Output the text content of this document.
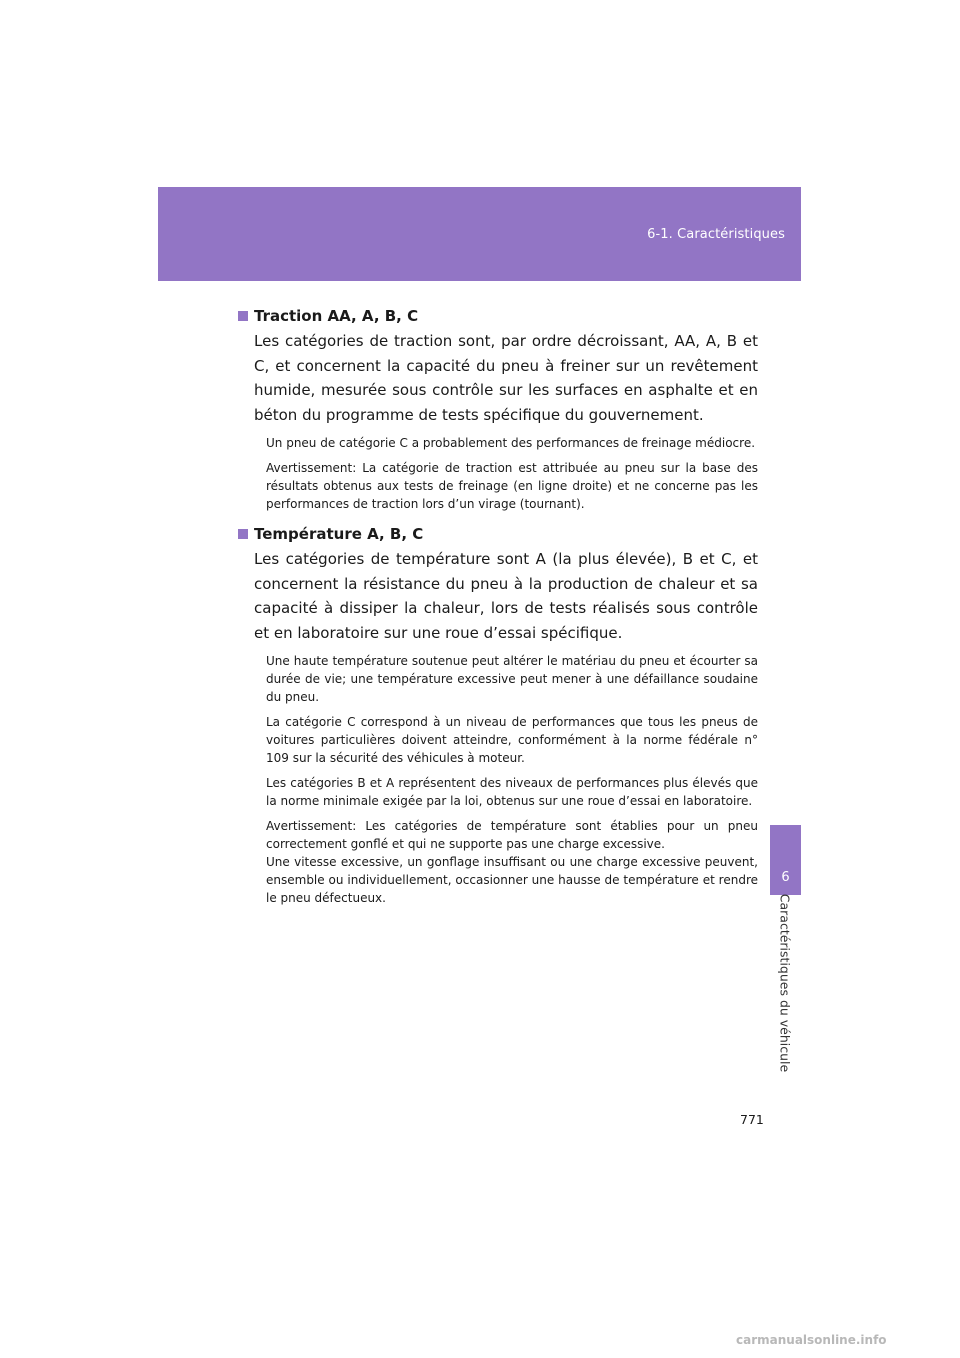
6-1. Caractéristiques
6
Caractéristiques du véhicule
Traction AA, A, B, C

Les catégories de traction sont, par ordre décroissant, AA, A, B et C, et concernent la capacité du pneu à freiner sur un revêtement humide, mesurée sous contrôle sur les surfaces en asphalte et en béton du programme de tests spécifique du gouvernement.

Un pneu de catégorie C a probablement des performances de freinage médiocre.

Avertissement: La catégorie de traction est attribuée au pneu sur la base des résultats obtenus aux tests de freinage (en ligne droite) et ne concerne pas les performances de traction lors d’un virage (tournant).

Température A, B, C

Les catégories de température sont A (la plus élevée), B et C, et concernent la résistance du pneu à la production de chaleur et sa capacité à dissiper la chaleur, lors de tests réalisés sous contrôle et en laboratoire sur une roue d’essai spécifique.

Une haute température soutenue peut altérer le matériau du pneu et écourter sa durée de vie; une température excessive peut mener à une défaillance soudaine du pneu.

La catégorie C correspond à un niveau de performances que tous les pneus de voitures particulières doivent atteindre, conformément à la norme fédérale n° 109 sur la sécurité des véhicules à moteur.

Les catégories B et A représentent des niveaux de performances plus élevés que la norme minimale exigée par la loi, obtenus sur une roue d’essai en laboratoire.

Avertissement: Les catégories de température sont établies pour un pneu correctement gonflé et qui ne supporte pas une charge excessive.

Une vitesse excessive, un gonflage insuffisant ou une charge excessive peuvent, ensemble ou individuellement, occasionner une hausse de température et rendre le pneu défectueux.

771
carmanualsonline.info
